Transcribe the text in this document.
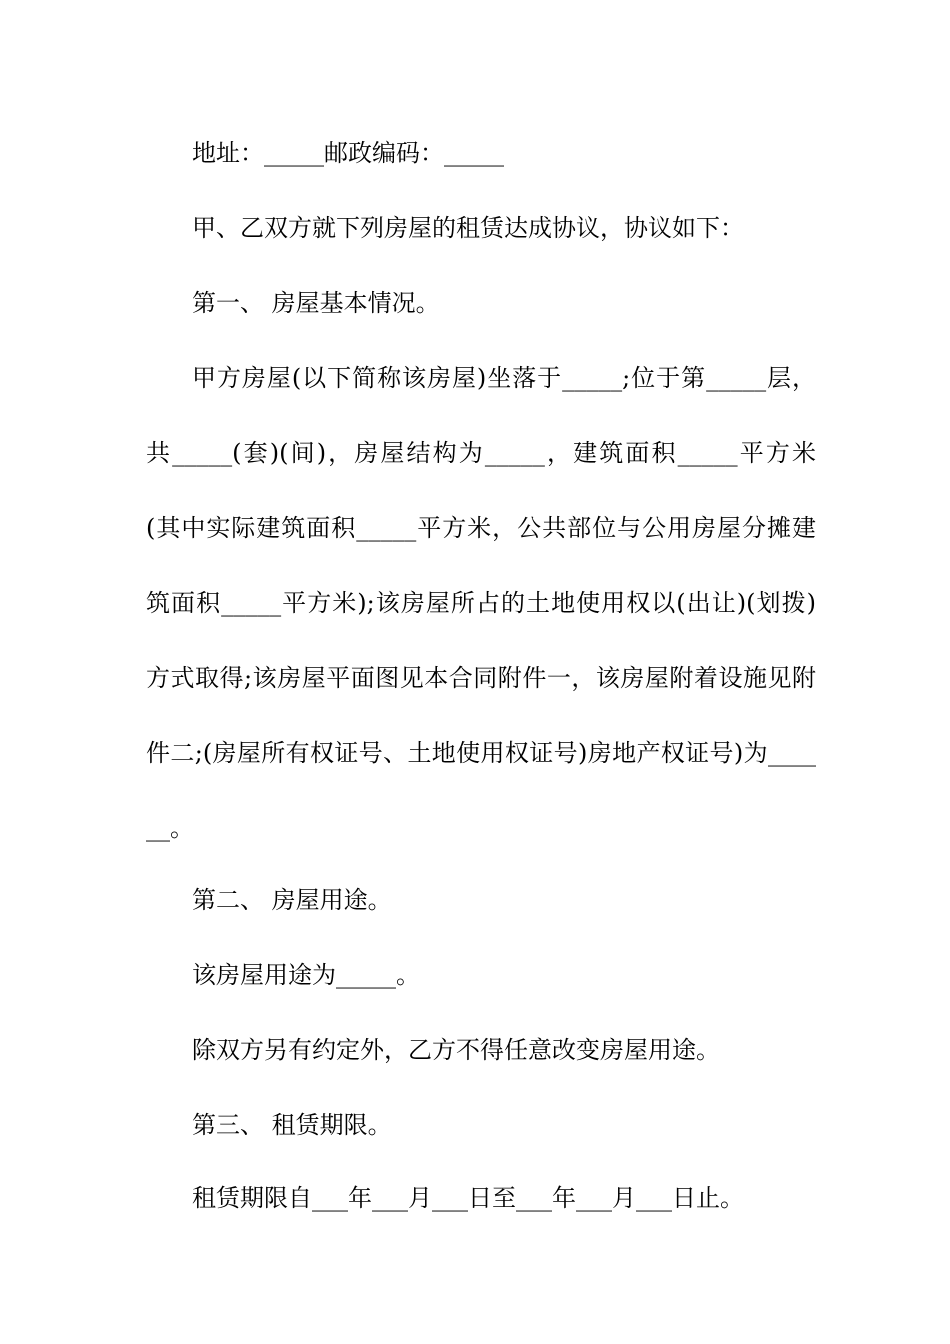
地址：_____邮政编码：_____
甲、乙双方就下列房屋的租赁达成协议，协议如下：
第一、 房屋基本情况。
甲方房屋(以下简称该房屋)坐落于_____;位于第_____层，
共_____(套)(间)，房屋结构为_____，建筑面积_____平方米
(其中实际建筑面积_____平方米，公共部位与公用房屋分摊建
筑面积_____平方米);该房屋所占的土地使用权以(出让)(划拨)
方式取得;该房屋平面图见本合同附件一，该房屋附着设施见附
件二;(房屋所有权证号、土地使用权证号)房地产权证号)为____
__。
第二、 房屋用途。
该房屋用途为_____。
除双方另有约定外，乙方不得任意改变房屋用途。
第三、 租赁期限。
租赁期限自___年___月___日至___年___月___日止。
